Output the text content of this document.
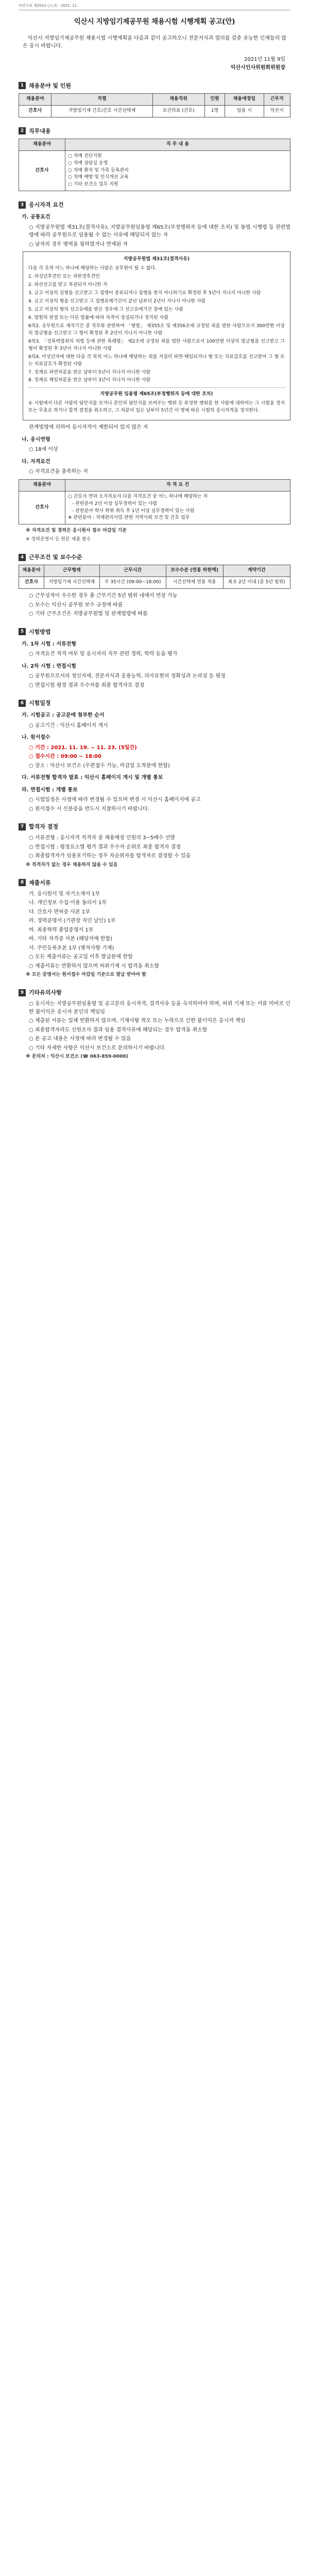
익산시보 제2021-○○호 · 2021. 11.
익산시 지방임기제공무원 채용시험 시행계획 공고(안)
익산시 지방임기제공무원 채용시험 시행계획을 다음과 같이 공고하오니 전문지식과 열의를 갖춘 유능한 인재들의 많은 응시 바랍니다.
2021년 11월 9일
익산시인사위원회위원장
1 채용분야 및 인원
채용분야	직렬	채용직위	인원	채용예정일	근무지
간호사	지방임기제 간호/간호 시간선택제	보건의료 (간호)	1명	임용 시	익산시
2 직무내용
채용분야	직 무 내 용
간호사	○ 치매 진단지원
○ 치매 상담실 운영
○ 치매 환자 및 가족 등록관리
○ 치매 예방 및 인식개선 교육
○ 기타 보건소 업무 지원
3 응시자격 요건
가. 공통요건
○ 지방공무원법 제31조(결격사유), 지방공무원임용령 제65조(부정행위자 등에 대한 조치) 및 동법 시행령 등 관련법령에 따라 공무원으로 임용될 수 없는 사유에 해당되지 않는 자
○ 남자의 경우 병역을 필하였거나 면제된 자
지방공무원법 제31조(결격사유)
다음 각 호의 어느 하나에 해당하는 사람은 공무원이 될 수 없다.
1. 피성년후견인 또는 피한정후견인
2. 파산선고를 받고 복권되지 아니한 자
3. 금고 이상의 실형을 선고받고 그 집행이 종료되거나 집행을 받지 아니하기로 확정된 후 5년이 지나지 아니한 사람
4. 금고 이상의 형을 선고받고 그 집행유예기간이 끝난 날부터 2년이 지나지 아니한 사람
5. 금고 이상의 형의 선고유예를 받은 경우에 그 선고유예기간 중에 있는 사람
6. 법원의 판결 또는 다른 법률에 따라 자격이 상실되거나 정지된 사람
6의2. 공무원으로 재직기간 중 직무와 관련하여 「형법」 제355조 및 제356조에 규정된 죄를 범한 사람으로서 300만원 이상의 벌금형을 선고받고 그 형이 확정된 후 2년이 지나지 아니한 사람
6의3. 「성폭력범죄의 처벌 등에 관한 특례법」 제2조에 규정된 죄를 범한 사람으로서 100만원 이상의 벌금형을 선고받고 그 형이 확정된 후 3년이 지나지 아니한 사람
6의4. 미성년자에 대한 다음 각 목의 어느 하나에 해당하는 죄를 저질러 파면·해임되거나 형 또는 치료감호를 선고받아 그 형 또는 치료감호가 확정된 사람
7. 징계로 파면처분을 받은 날부터 5년이 지나지 아니한 사람
8. 징계로 해임처분을 받은 날부터 3년이 지나지 아니한 사람
지방공무원 임용령 제65조(부정행위자 등에 대한 조치)
① 시험에서 다른 사람의 답안지를 보거나 본인의 답안지를 보여주는 행위 등 부정한 행위를 한 사람에 대하여는 그 시험을 정지 또는 무효로 하거나 합격 결정을 취소하고, 그 처분이 있은 날부터 5년간 이 영에 따른 시험의 응시자격을 정지한다.
관계법령에 의하여 응시자격이 제한되어 있지 않은 자
나. 응시연령
○ 18세 이상
다. 자격요건
○ 자격요건을 충족하는 자
채용분야	자 격 요 건
간호사	○ 간호사 면허 소지자로서 다음 자격요건 중 어느 하나에 해당하는 자
- 관련분야 2년 이상 실무경력이 있는 사람
- 관련분야 학사 학위 취득 후 1년 이상 실무경력이 있는 사람
※ 관련분야 : 치매관리사업 관련 지역사회 보건 및 간호 업무
※ 자격요건 및 경력은 응시원서 접수 마감일 기준
※ 경력증명서 등 원본 제출 필수
4 근무조건 및 보수수준
채용분야	근무형태	근무시간	보수수준 (연봉 하한액)	계약기간
간호사	지방임기제 시간선택제	주 35시간 (09:00~18:00)	시간선택제 연봉 적용	최초 2년 이내 (총 5년 범위)
○ 근무성적이 우수한 경우 총 근무기간 5년 범위 내에서 연장 가능
○ 보수는 익산시 공무원 보수 규정에 따름
○ 기타 근무조건은 지방공무원법 및 관계법령에 따름
5 시험방법
가. 1차 시험 : 서류전형
○ 자격요건 적격 여부 및 응시자의 직무 관련 경력, 학력 등을 평가
나. 2차 시험 : 면접시험
○ 공무원으로서의 정신자세, 전문지식과 응용능력, 의사표현의 정확성과 논리성 등 평정
○ 면접시험 평정 결과 우수자를 최종 합격자로 결정
6 시험일정
가. 시험공고 : 공고문에 첨부한 순서
○ 공고기간 : 익산시 홈페이지 게시
나. 원서접수
○ 기간 : 2021. 11. 19. ~ 11. 23. (5일간)
○ 접수시간 : 09:00 ~ 18:00
○ 장소 : 익산시 보건소 (우편접수 가능, 마감일 도착분에 한함)
다. 서류전형 합격자 발표 : 익산시 홈페이지 게시 및 개별 통보
라. 면접시험 : 개별 통보
○ 시험일정은 사정에 따라 변경될 수 있으며 변경 시 익산시 홈페이지에 공고
○ 원서접수 시 신분증을 반드시 지참하시기 바랍니다.
7 합격자 결정
○ 서류전형 : 응시자격 적격자 중 채용예정 인원의 3~5배수 선발
○ 면접시험 : 평정요소별 평가 결과 우수자 순위로 최종 합격자 결정
○ 최종합격자가 임용포기하는 경우 차순위자를 합격자로 결정할 수 있음
※ 적격자가 없는 경우 채용하지 않을 수 있음
8 제출서류
가. 응시원서 및 자기소개서 1부
나. 개인정보 수집·이용 동의서 1부
다. 간호사 면허증 사본 1부
라. 경력증명서 (기관장 직인 날인) 1부
마. 최종학력 졸업증명서 1부
바. 기타 자격증 사본 (해당자에 한함)
사. 주민등록초본 1부 (병적사항 기재)
○ 모든 제출서류는 공고일 이후 발급분에 한함
○ 제출서류는 반환하지 않으며 허위기재 시 합격을 취소함
※ 모든 증명서는 원서접수 마감일 기준으로 발급 받아야 함
9 기타유의사항
○ 응시자는 지방공무원임용령 및 공고문의 응시자격, 결격사유 등을 숙지하여야 하며, 허위 기재 또는 서류 미비로 인한 불이익은 응시자 본인의 책임임
○ 제출된 서류는 일체 반환하지 않으며, 기재사항 착오 또는 누락으로 인한 불이익은 응시자 책임
○ 최종합격자라도 신원조사 결과 임용 결격사유에 해당되는 경우 합격을 취소함
○ 본 공고 내용은 사정에 따라 변경될 수 있음
○ 기타 자세한 사항은 익산시 보건소로 문의하시기 바랍니다.
※ 문의처 : 익산시 보건소 (☎ 063-859-0000)
